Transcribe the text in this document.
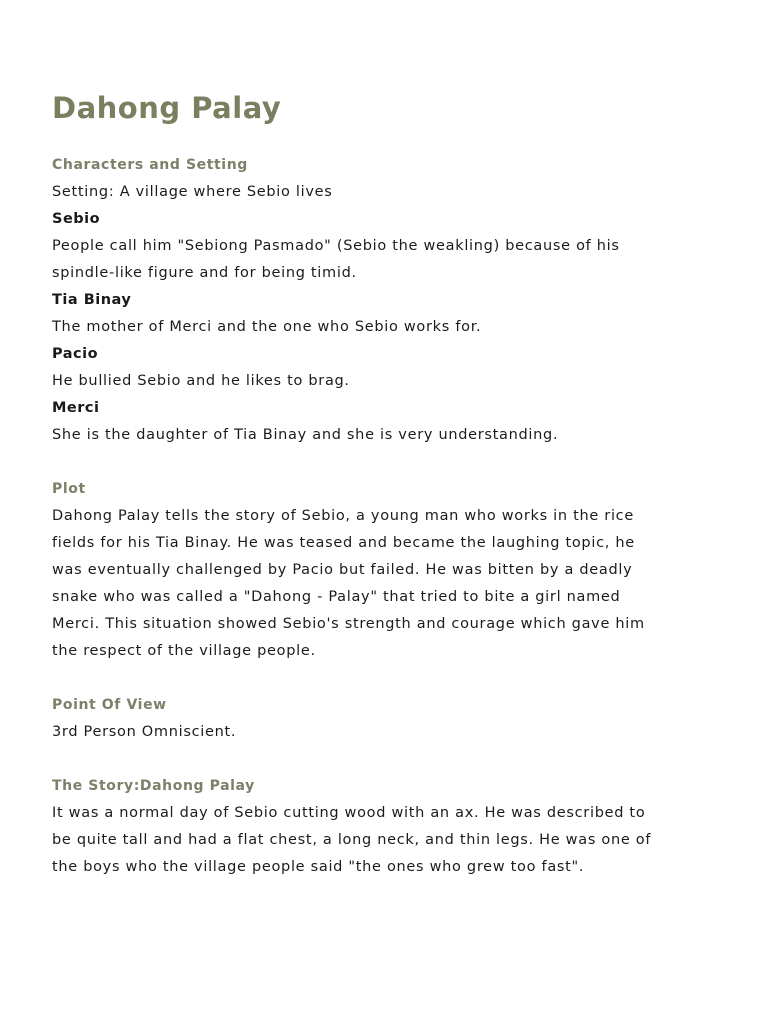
Dahong Palay
Characters and Setting

Setting: A village where Sebio lives

Sebio

People call him "Sebiong Pasmado" (Sebio the weakling) because of his

spindle-like figure and for being timid.

Tia Binay

The mother of Merci and the one who Sebio works for.

Pacio

He bullied Sebio and he likes to brag.

Merci

She is the daughter of Tia Binay and she is very understanding.

Plot

Dahong Palay tells the story of Sebio, a young man who works in the rice

fields for his Tia Binay. He was teased and became the laughing topic, he

was eventually challenged by Pacio but failed. He was bitten by a deadly

snake who was called a "Dahong - Palay" that tried to bite a girl named

Merci. This situation showed Sebio's strength and courage which gave him

the respect of the village people.

Point Of View

3rd Person Omniscient.

The Story:Dahong Palay

It was a normal day of Sebio cutting wood with an ax. He was described to

be quite tall and had a flat chest, a long neck, and thin legs. He was one of

the boys who the village people said "the ones who grew too fast".
